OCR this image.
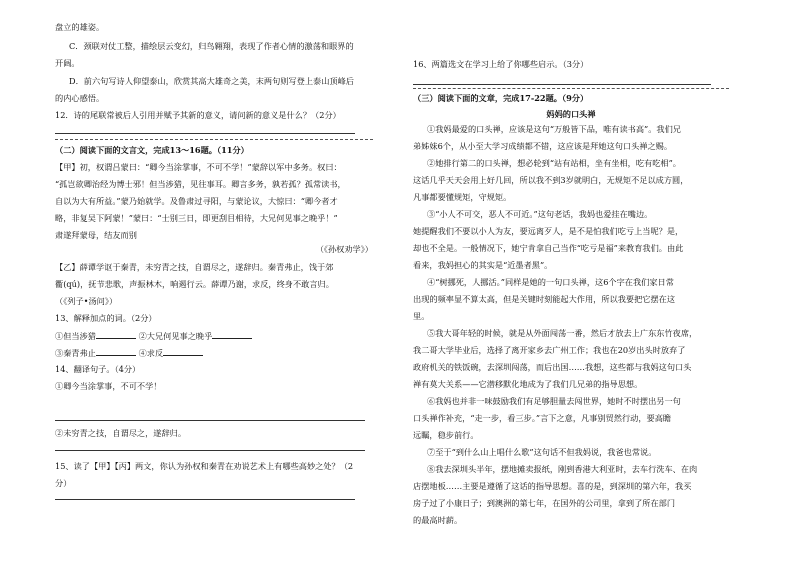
盘立的雄姿。
C．颈联对仗工整，描绘层云变幻，归鸟翱翔，表现了作者心情的激荡和眼界的
开阔。
D．前六句写诗人仰望泰山，欣赏其高大雄奇之美，末两句则写登上泰山顶峰后
的内心感悟。
12．诗的尾联常被后人引用并赋予其新的意义，请问新的意义是什么？（2分）
（二）阅读下面的文言文，完成13～16题。（11分）
【甲】初，权谓吕蒙曰：“卿今当涂掌事，不可不学！”蒙辞以军中多务。权曰：
“孤岂欲卿治经为博士邪！但当涉猎，见往事耳。卿言多务，孰若孤？孤常读书，
自以为大有所益。”蒙乃始就学。及鲁肃过寻阳，与蒙论议，大惊曰：“卿今者才
略，非复吴下阿蒙！”蒙曰：“士别三日，即更刮目相待，大兄何见事之晚乎！”
肃遂拜蒙母，结友而别
（《孙权劝学》）
【乙】薛谭学讴于秦青，未穷青之技，自谓尽之，遂辞归。秦青弗止，饯于郊
衢(qú)，抚节悲歌，声振林木，响遏行云。薛谭乃谢，求反，终身不敢言归。
（《列子•汤问》）
13、解释加点的词。（2分）
①但当涉猎	②大兄何见事之晚乎
③秦青弗止	④求反
14、翻译句子。（4分）
①卿今当涂掌事，不可不学！
②未穷青之技，自谓尽之，遂辞归。
15、读了【甲】【丙】两文，你认为孙权和秦青在劝说艺术上有哪些高妙之处？（2
分）
16、两篇选文在学习上给了你哪些启示。（3分）
（三）阅读下面的文章，完成17-22题。（9分）
妈妈的口头禅
①我妈最爱的口头禅，应该是这句“万般皆下品，唯有读书高”。我们兄
弟姊妹6个，从小至大学习成绩都不错，这应该是拜她这句口头禅之赐。
②她排行第二的口头禅，想必轮到“站有站相，坐有坐相，吃有吃相”。
这话几乎天天会用上好几回，所以我不到3岁就明白，无规矩不足以成方圆，
凡事都要懂规矩，守规矩。
③“小人不可交，恶人不可近。”这句老话，我妈也爱挂在嘴边。
她提醒我们不要以小人为友，要远离歹人，是不是怕我们吃亏上当呢？是，
却也不全是。一般情况下，她宁肯拿自己当作“吃亏是福”来教育我们。由此
看来，我妈担心的其实是“近墨者黑”。
④“树挪死，人挪活。”同样是她的一句口头禅，这6个字在我们家日常
出现的频率显不算太高，但是关键时刻能起大作用，所以我要把它摆在这
里。
⑤我大哥年轻的时候，就是从外面闯荡一番，然后才放去上广东东竹夜席，
我二哥大学毕业后，选择了离开家乡去广州工作；我也在20岁出头时放弃了
政府机关的铁饭碗，去深圳闯荡，而后出国……我想，这些都与我妈这句口头
禅有莫大关系——它潜移默化地成为了我们几兄弟的指导思想。
⑥我妈也并非一味鼓励我们有足够胆量去闯世界，她时不时摆出另一句
口头禅作补充，“走一步，看三步。”言下之意，凡事别贸然行动，要高瞻
远瞩，稳步前行。
⑦至于“到什么山上唱什么歌”这句话不但我妈说，我爸也常说。
⑧我去深圳头半年，摆地摊卖报纸，刚到香港大利亚时，去车行洗车、在肉
店摆地板……主要是遵循了这话的指导思想。喜的是，到深圳的第六年，我买
房子过了小康日子；到澳洲的第七年，在国外的公司里，拿到了所在部门
的最高时薪。
